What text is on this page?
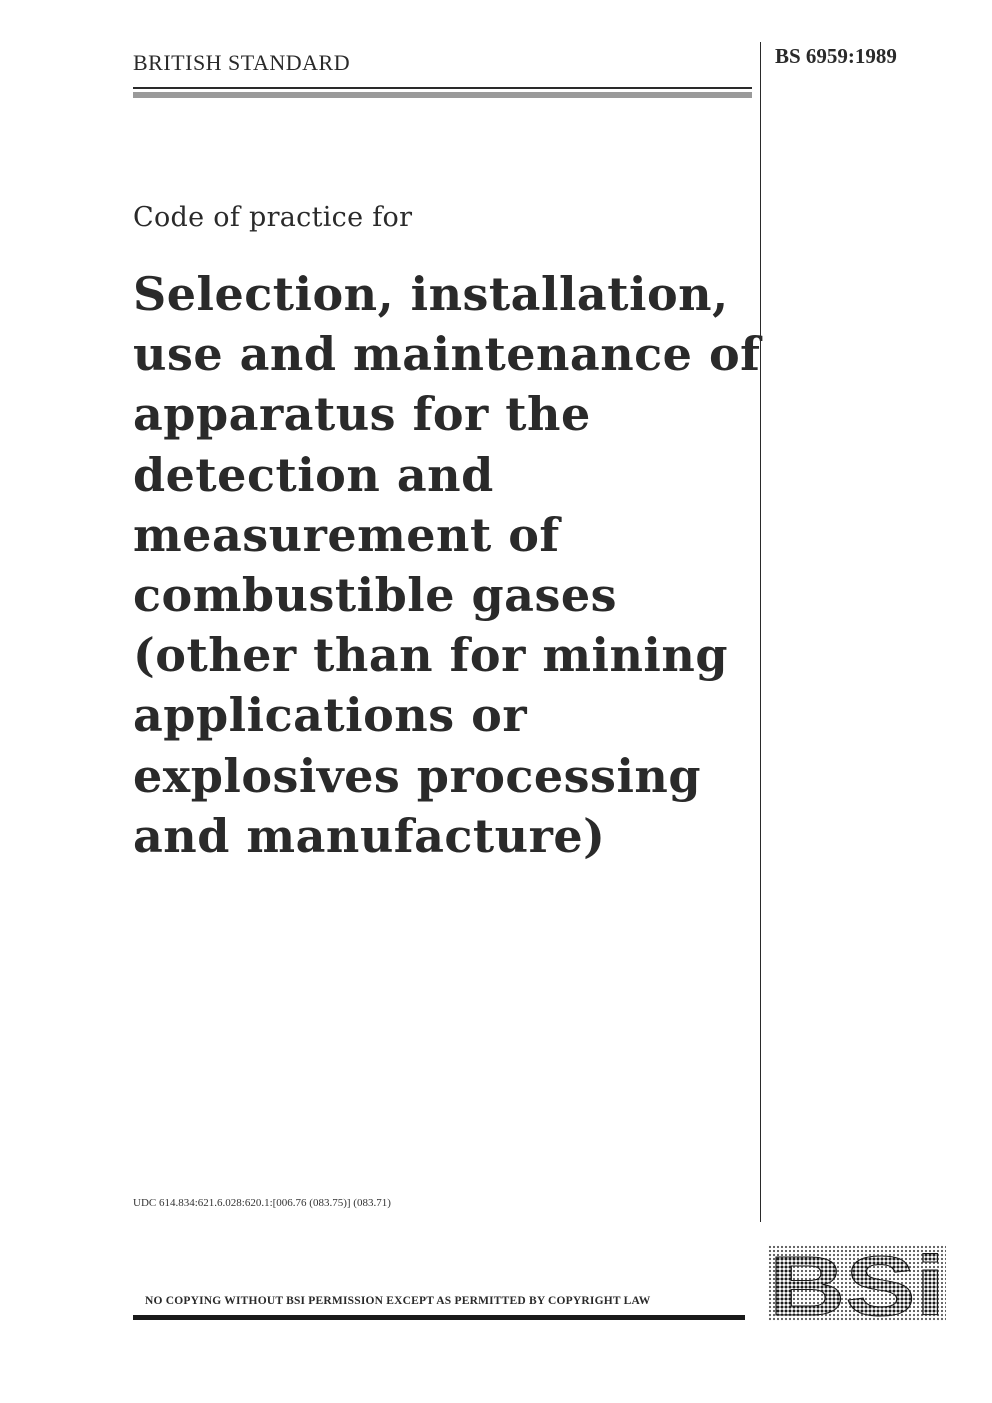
BRITISH STANDARD	BS 6959:1989
Code of practice for
Selection, installation,
use and maintenance of
apparatus for the
detection and
measurement of
combustible gases
(other than for mining
applications or
explosives processing
and manufacture)
UDC 614.834:621.6.028:620.1:[006.76 (083.75)] (083.71)
NO COPYING WITHOUT BSI PERMISSION EXCEPT AS PERMITTED BY COPYRIGHT LAW BSi
